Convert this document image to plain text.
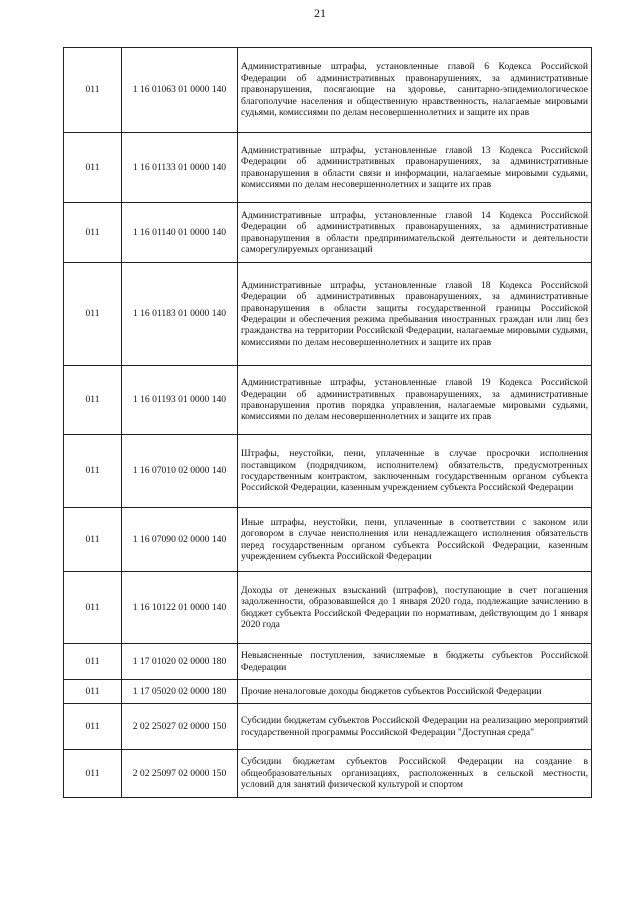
21
011	1 16 01063 01 0000 140	Административные штрафы, установленные главой 6 Кодекса Российской Федерации об административных правонарушениях, за административные правонарушения, посягающие на здоровье, санитарно-эпидемиологическое благополучие населения и общественную нравственность, налагаемые мировыми судьями, комиссиями по делам несовершеннолетних и защите их прав
011	1 16 01133 01 0000 140	Административные штрафы, установленные главой 13 Кодекса Российской Федерации об административных правонарушениях, за административные правонарушения в области связи и информации, налагаемые мировыми судьями, комиссиями по делам несовершеннолетних и защите их прав
011	1 16 01140 01 0000 140	Административные штрафы, установленные главой 14 Кодекса Российской Федерации об административных правонарушениях, за административные правонарушения в области предпринимательской деятельности и деятельности саморегулируемых организаций
011	1 16 01183 01 0000 140	Административные штрафы, установленные главой 18 Кодекса Российской Федерации об административных правонарушениях, за административные правонарушения в области защиты государственной границы Российской Федерации и обеспечения режима пребывания иностранных граждан или лиц без гражданства на территории Российской Федерации, налагаемые мировыми судьями, комиссиями по делам несовершеннолетних и защите их прав
011	1 16 01193 01 0000 140	Административные штрафы, установленные главой 19 Кодекса Российской Федерации об административных правонарушениях, за административные правонарушения против порядка управления, налагаемые мировыми судьями, комиссиями по делам несовершеннолетних и защите их прав
011	1 16 07010 02 0000 140	Штрафы, неустойки, пени, уплаченные в случае просрочки исполнения поставщиком (подрядчиком, исполнителем) обязательств, предусмотренных государственным контрактом, заключенным государственным органом субъекта Российской Федерации, казенным учреждением субъекта Российской Федерации
011	1 16 07090 02 0000 140	Иные штрафы, неустойки, пени, уплаченные в соответствии с законом или договором в случае неисполнения или ненадлежащего исполнения обязательств перед государственным органом субъекта Российской Федерации, казенным учреждением субъекта Российской Федерации
011	1 16 10122 01 0000 140	Доходы от денежных взысканий (штрафов), поступающие в счет погашения задолженности, образовавшейся до 1 января 2020 года, подлежащие зачислению в бюджет субъекта Российской Федерации по нормативам, действующим до 1 января 2020 года
011	1 17 01020 02 0000 180	Невыясненные поступления, зачисляемые в бюджеты субъектов Российской Федерации
011	1 17 05020 02 0000 180	Прочие неналоговые доходы бюджетов субъектов Российской Федерации
011	2 02 25027 02 0000 150	Субсидии бюджетам субъектов Российской Федерации на реализацию мероприятий государственной программы Российской Федерации "Доступная среда"
011	2 02 25097 02 0000 150	Субсидии бюджетам субъектов Российской Федерации на создание в общеобразовательных организациях, расположенных в сельской местности, условий для занятий физической культурой и спортом
